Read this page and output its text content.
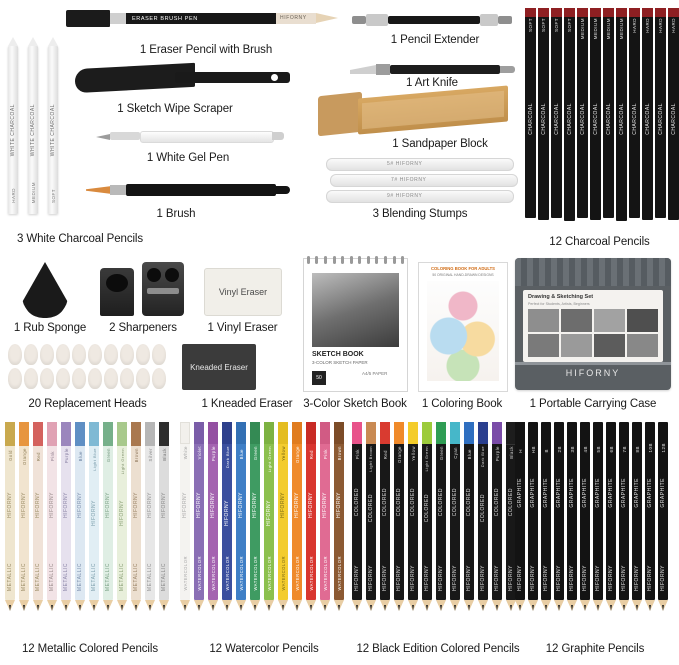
WHITE CHARCOAL
HARD
WHITE CHARCOAL
MEDIUM
WHITE CHARCOAL
SOFT
3 White Charcoal Pencils
ERASER BRUSH PEN	HIFORNY
1 Eraser Pencil with Brush
1 Sketch Wipe Scraper
1 White Gel Pen
1 Brush
1 Pencil Extender
1 Art Knife
1 Sandpaper Block
5# HIFORNY
7# HIFORNY
9# HIFORNY
3 Blending Stumps
CHARCOAL
SOFT
CHARCOAL
SOFT
CHARCOAL
SOFT
CHARCOAL
SOFT
CHARCOAL
MEDIUM
CHARCOAL
MEDIUM
CHARCOAL
MEDIUM
CHARCOAL
MEDIUM
CHARCOAL
HARD
CHARCOAL
HARD
CHARCOAL
HARD
CHARCOAL
HARD
12 Charcoal Pencils
1 Rub Sponge	2 Sharpeners
Vinyl Eraser
1 Vinyl Eraser
20 Replacement Heads
Kneaded Eraser
1 Kneaded Eraser
SKETCH BOOK
3-COLOR SKETCH PAPER
50
A4/5 PAPER
3-Color Sketch Book
COLORING BOOK FOR ADULTS
50 ORIGINAL HAND-DRAWN DESIGNS
1 Coloring Book
Drawing & Sketching Set
Perfect for Students, Artists, Beginners
HIFORNY
1 Portable Carrying Case
Gold
HIFORNY
METALLIC
Orange
HIFORNY
METALLIC
Red
HIFORNY
METALLIC
Pink
HIFORNY
METALLIC
Purple
HIFORNY
METALLIC
Blue
HIFORNY
METALLIC
Light Blue
HIFORNY
METALLIC
Green
HIFORNY
METALLIC
Light Green
HIFORNY
METALLIC
Brown
HIFORNY
METALLIC
Silver
HIFORNY
METALLIC
Black
HIFORNY
METALLIC
12 Metallic Colored Pencils
White
HIFORNY
WATERCOLOR
Violet
HIFORNY
WATERCOLOR
Purple
HIFORNY
WATERCOLOR
Dark Blue
HIFORNY
WATERCOLOR
Blue
HIFORNY
WATERCOLOR
Green
HIFORNY
WATERCOLOR
Light Green
HIFORNY
WATERCOLOR
Yellow
HIFORNY
WATERCOLOR
Orange
HIFORNY
WATERCOLOR
Red
HIFORNY
WATERCOLOR
Pink
HIFORNY
WATERCOLOR
Brown
HIFORNY
WATERCOLOR
12 Watercolor Pencils
Pink
COLORED
HIFORNY
Light Brown
COLORED
HIFORNY
Red
COLORED
HIFORNY
Orange
COLORED
HIFORNY
Yellow
COLORED
HIFORNY
Light Green
COLORED
HIFORNY
Green
COLORED
HIFORNY
Cyan
COLORED
HIFORNY
Blue
COLORED
HIFORNY
Dark Blue
COLORED
HIFORNY
Purple
COLORED
HIFORNY
Black
COLORED
HIFORNY
12 Black Edition Colored Pencils
H
GRAPHITE
HIFORNY
HB
GRAPHITE
HIFORNY
B
GRAPHITE
HIFORNY
2B
GRAPHITE
HIFORNY
3B
GRAPHITE
HIFORNY
4B
GRAPHITE
HIFORNY
5B
GRAPHITE
HIFORNY
6B
GRAPHITE
HIFORNY
7B
GRAPHITE
HIFORNY
8B
GRAPHITE
HIFORNY
10B
GRAPHITE
HIFORNY
12B
GRAPHITE
HIFORNY
12 Graphite Pencils
